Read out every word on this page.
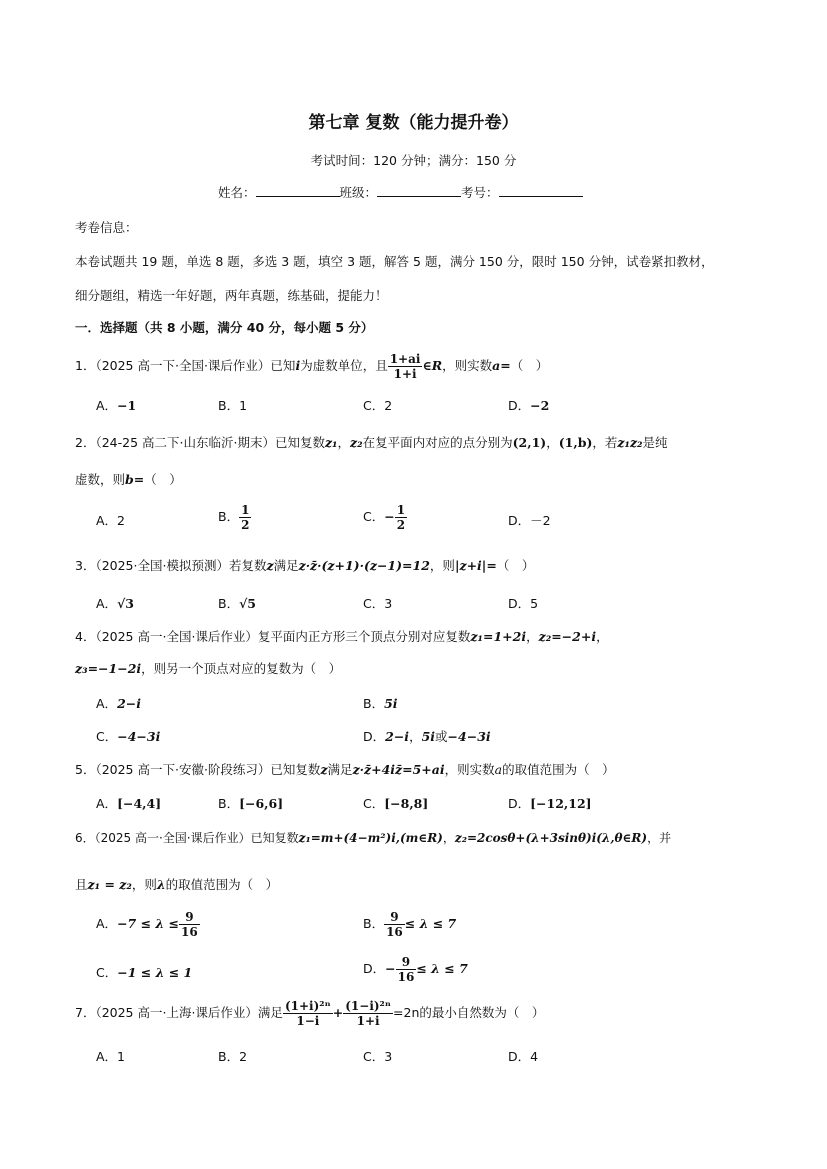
第七章 复数（能力提升卷）
考试时间：120 分钟；满分：150 分
姓名：	班级：	考号：
考卷信息：
本卷试题共 19 题，单选 8 题，多选 3 题，填空 3 题，解答 5 题，满分 150 分，限时 150 分钟，试卷紧扣教材，
细分题组，精选一年好题，两年真题，练基础，提能力！
一．选择题（共 8 小题，满分 40 分，每小题 5 分）
1．（2025 高一下·全国·课后作业）已知i为虚数单位，且 $\frac{1+ai}{1+i}$ ∈R，则实数a=（　）
A．−1	B．1	C．2	D．−2
2．（24-25 高二下·山东临沂·期末）已知复数z₁，z₂在复平面内对应的点分别为(2,1)，(1,b)，若z₁z₂是纯
虚数，则b=（　）
A．2	B． $\frac{1}{2}$	C．− $\frac{1}{2}$	D．－2
3．（2025·全国·模拟预测）若复数z满足z·z̄·(z+1)·(z−1)=12，则|z+i|=（　）
A．√3	B．√5	C．3	D．5
4．（2025 高一·全国·课后作业）复平面内正方形三个顶点分别对应复数z₁=1+2i，z₂=−2+i，
z₃=−1−2i，则另一个顶点对应的复数为（　）
A．2−i	B．5i
C．−4−3i	D．2−i，5i或−4−3i
5．（2025 高一下·安徽·阶段练习）已知复数z满足z·z̄+4iz̄=5+ai，则实数a的取值范围为（　）
A．[−4,4]	B．[−6,6]	C．[−8,8]	D．[−12,12]
6．（2025 高一·全国·课后作业）已知复数z₁=m+(4−m²)i,(m∈R)，z₂=2cosθ+(λ+3sinθ)i(λ,θ∈R)，并
且z₁ = z₂，则λ的取值范围为（　）
A．$-7 \le \lambda \le \frac{9}{16}$	B． $\frac{9}{16} \le \lambda \le 7$
C．−1 ≤ λ ≤ 1	D．− $\frac{9}{16} \le \lambda \le 7$
7．（2025 高一·上海·课后作业）满足 $\frac{\text{(1+i)²ⁿ}}{1-i} + \frac{\text{(1−i)²ⁿ}}{1+i} =2n$的最小自然数为（　）
A．1	B．2	C．3	D．4
